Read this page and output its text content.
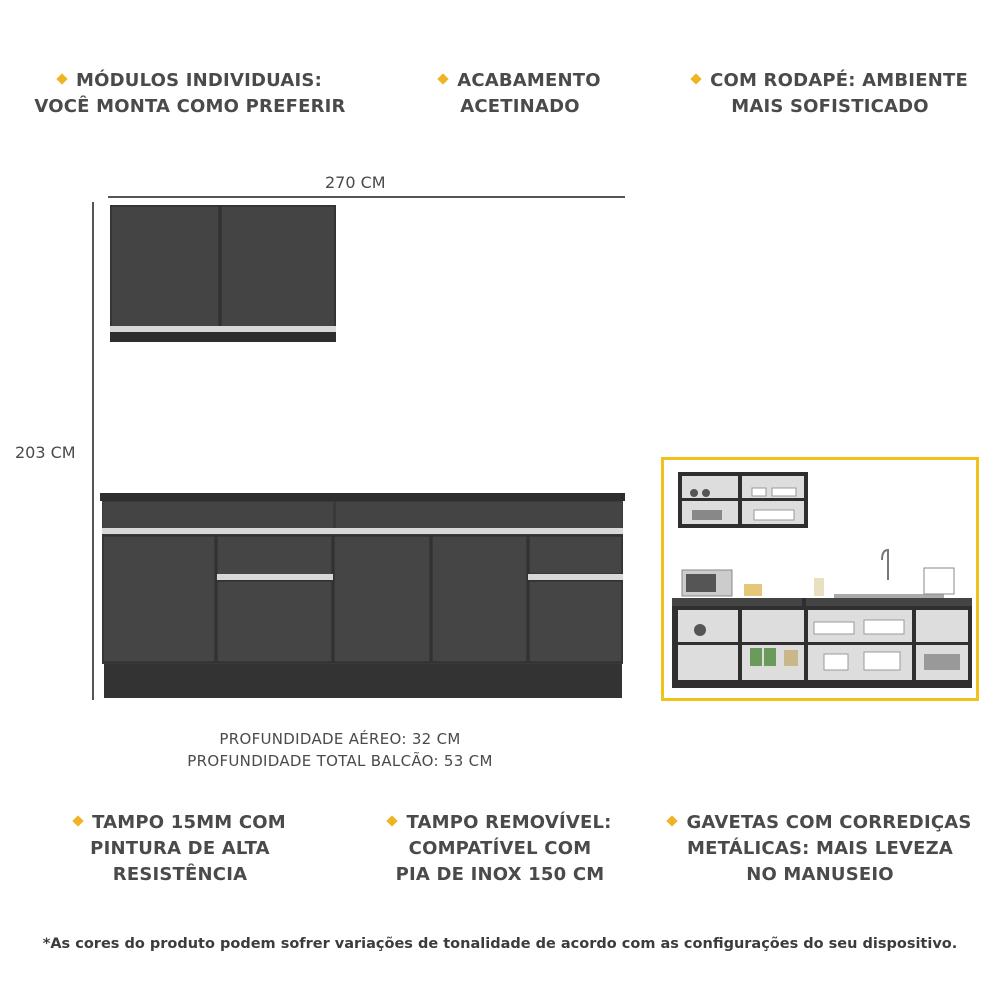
MÓDULOS INDIVIDUAIS:
VOCÊ MONTA COMO PREFERIR
ACABAMENTO
ACETINADO
COM RODAPÉ: AMBIENTE
MAIS SOFISTICADO
270 CM
203 CM
PROFUNDIDADE AÉREO: 32 CM
PROFUNDIDADE TOTAL BALCÃO: 53 CM
TAMPO 15MM COM
PINTURA DE ALTA
RESISTÊNCIA
TAMPO REMOVÍVEL:
COMPATÍVEL COM
PIA DE INOX 150 CM
GAVETAS COM CORREDIÇAS
METÁLICAS: MAIS LEVEZA
NO MANUSEIO
*As cores do produto podem sofrer variações de tonalidade de acordo com as configurações do seu dispositivo.
